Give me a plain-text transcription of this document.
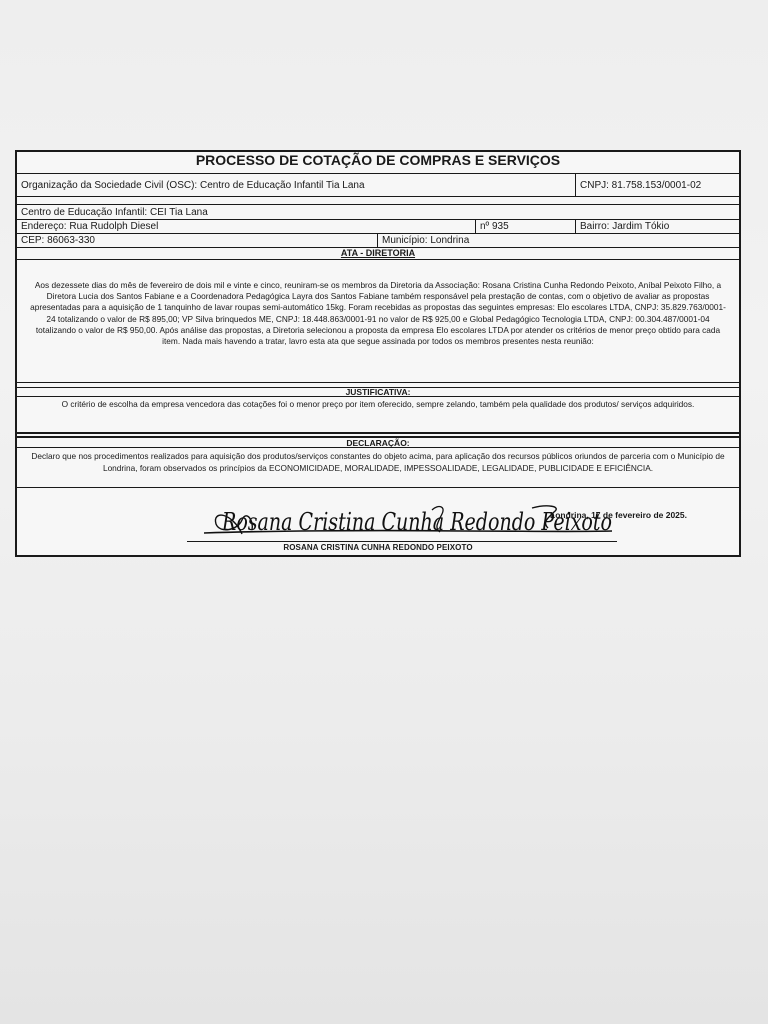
PROCESSO DE COTAÇÃO DE COMPRAS E SERVIÇOS
Organização da Sociedade Civil (OSC): Centro de Educação Infantil Tia Lana	CNPJ: 81.758.153/0001-02
Centro de Educação Infantil: CEI Tia Lana
Endereço: Rua Rudolph Diesel	nº 935	Bairro: Jardim Tókio
CEP: 86063-330	Município: Londrina
ATA - DIRETORIA
Aos dezessete dias do mês de fevereiro de dois mil e vinte e cinco, reuniram-se os membros da Diretoria da Associação: Rosana Cristina Cunha Redondo Peixoto, Aníbal Peixoto Filho, a Diretora Lucia dos Santos Fabiane e a Coordenadora Pedagógica Layra dos Santos Fabiane também responsável pela prestação de contas, com o objetivo de avaliar as propostas apresentadas para a aquisição de 1 tanquinho de lavar roupas semi-automático 15kg. Foram recebidas as propostas das seguintes empresas: Elo escolares LTDA, CNPJ: 35.829.763/0001-24 totalizando o valor de R$ 895,00; VP Silva brinquedos ME, CNPJ: 18.448.863/0001-91 no valor de R$ 925,00 e Global Pedagógico Tecnologia LTDA, CNPJ: 00.304.487/0001-04 totalizando o valor de R$ 950,00. Após análise das propostas, a Diretoria selecionou a proposta da empresa Elo escolares LTDA por atender os critérios de menor preço obtido para cada item. Nada mais havendo a tratar, lavro esta ata que segue assinada por todos os membros presentes nesta reunião:
JUSTIFICATIVA:
O critério de escolha da empresa vencedora das cotações foi o menor preço por item oferecido, sempre zelando, também pela qualidade dos produtos/ serviços adquiridos.
DECLARAÇÃO:
Declaro que nos procedimentos realizados para aquisição dos produtos/serviços constantes do objeto acima, para aplicação dos recursos públicos oriundos de parceria com o Município de Londrina, foram observados os princípios da ECONOMICIDADE, MORALIDADE, IMPESSOALIDADE, LEGALIDADE, PUBLICIDADE E EFICIÊNCIA.
Londrina, 17 de fevereiro de 2025.
Rosana Cristina Cunha Redondo Peixoto
ROSANA CRISTINA CUNHA REDONDO PEIXOTO
